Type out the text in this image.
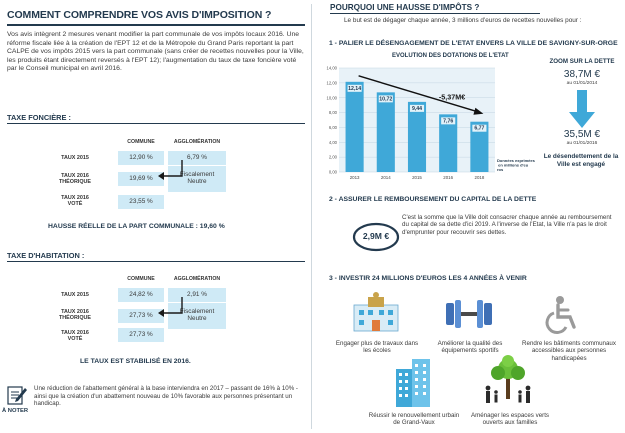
COMMENT COMPRENDRE VOS AVIS D'IMPOSITION ?
Vos avis intègrent 2 mesures venant modifier la part communale de vos impôts locaux 2016. Une réforme fiscale liée à la création de l'EPT 12 et de la Métropole du Grand Paris reportant la part CALPE de vos impôts 2015 vers la part communale (sans créer de recettes nouvelles pour la Ville, les produits étant directement reversés à l'EPT 12); l'augmentation du taux de taxe foncière voté par le Conseil municipal en avril 2016.
TAXE FONCIÈRE :
COMMUNE	AGGLOMÉRATION
TAUX 2015
TAUX 2016
THÉORIQUE
TAUX 2016
VOTÉ
12,90 %
19,69 %
23,55 %
6,79 %
Fiscalement
Neutre
HAUSSE RÉELLE DE LA PART COMMUNALE : 19,60 %
TAXE D'HABITATION :
COMMUNE	AGGLOMÉRATION
TAUX 2015
TAUX 2016
THÉORIQUE
TAUX 2016
VOTÉ
24,82 %
27,73 %
27,73 %
2,91 %
Fiscalement
Neutre
LE TAUX EST STABILISÉ EN 2016.
Une réduction de l'abattement général à la base interviendra en 2017 – passant de 16% à 10% - ainsi que la création d'un abattement nouveau de 10% favorable aux personnes présentant un handicap.
À NOTER
POURQUOI UNE HAUSSE D'IMPÔTS ?
Le but est de dégager chaque année, 3 millions d'euros de recettes nouvelles pour :
1 - PALIER LE DÉSENGAGEMENT DE L'ETAT ENVERS LA VILLE DE SAVIGNY-SUR-ORGE
EVOLUTION DES DOTATIONS DE L'ETAT
0,00
2,00
4,00
6,00
8,00
10,00
12,00
14,00
12,14
2013
10,72
2014
9,44
2015
7,76
2016
6,77
2018
-5,37M€
Données exprimées en millions d'eu ros
ZOOM SUR LA DETTE
38,7M €
au 01/01/2014
35,5M €
au 01/01/2016
Le désendettement de la Ville est engagé
2 - ASSURER LE REMBOURSEMENT DU CAPITAL DE LA DETTE
2,9M €
C'est la somme que la Ville doit consacrer chaque année au remboursement du capital de sa dette d'ici 2019. A l'inverse de l'Etat, la Ville n'a pas le droit d'emprunter pour recouvrir ses dettes.
3 - INVESTIR 24 MILLIONS D'EUROS LES 4 ANNÉES À VENIR
Engager plus de travaux dans les écoles
Améliorer la qualité des équipements sportifs
Rendre les bâtiments communaux accessibles aux personnes handicapées
Réussir le renouvellement urbain de Grand-Vaux
Aménager les espaces verts ouverts aux familles
